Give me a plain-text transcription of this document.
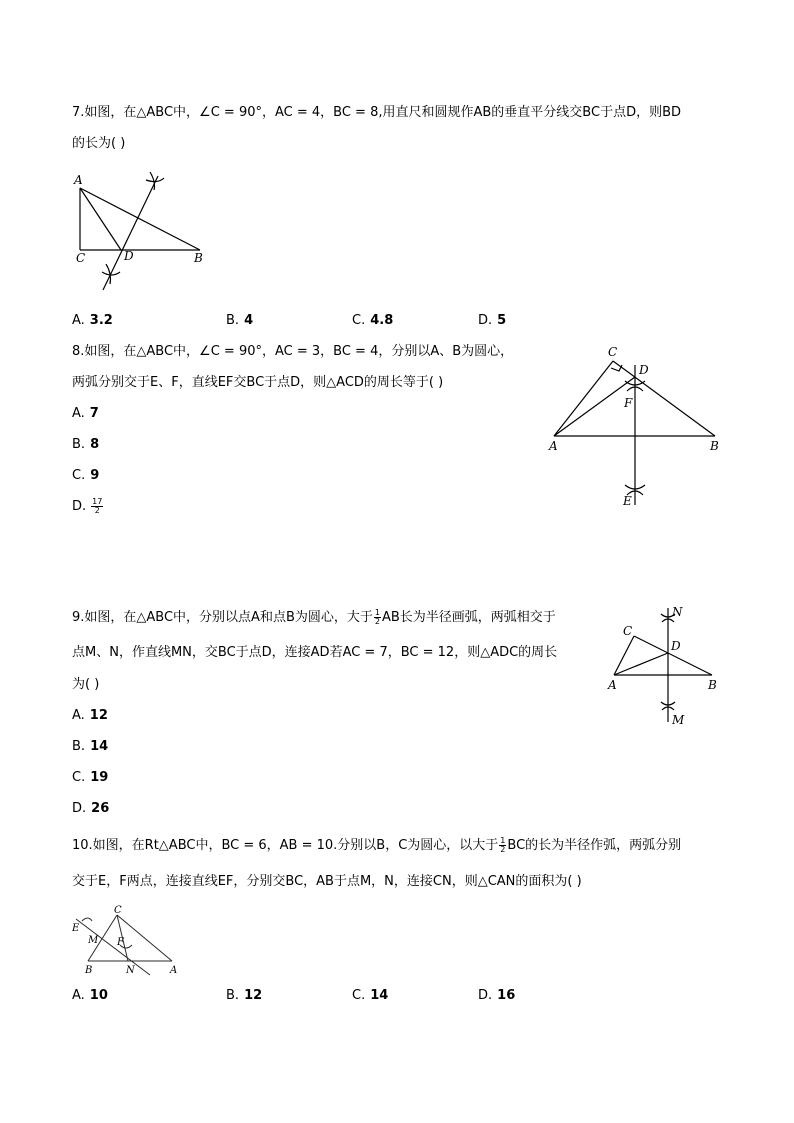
7.如图，在△ABC中，∠C = 90°，AC = 4，BC = 8,用直尺和圆规作AB的垂直平分线交BC于点D，则BD
的长为( )
A
C	D	B
A. 3.2	B. 4	C. 4.8	D. 5
8.如图，在△ABC中，∠C = 90°，AC = 3，BC = 4，分别以A、B为圆心，
两弧分别交于E、F，直线EF交BC于点D，则△ACD的周长等于( )
A. 7
B. 8
C. 9
D. $\frac{17}{2}$
C
D
F
A	B
E
9.如图，在△ABC中，分别以点A和点B为圆心，大于 $\frac{1}{2}$ AB长为半径画弧，两弧相交于
点M、N，作直线MN，交BC于点D，连接AD若AC = 7，BC = 12，则△ADC的周长
为( )
A. 12
B. 14
C. 19
D. 26
N
C
D
A	B
M
10.如图，在Rt△ABC中，BC = 6，AB = 10.分别以B，C为圆心，以大于 $\frac{1}{2}$ BC的长为半径作弧，两弧分别
交于E，F两点，连接直线EF，分别交BC，AB于点M，N，连接CN，则△CAN的面积为( )
C
E
M F
B	N	A
A. 10	B. 12	C. 14	D. 16
